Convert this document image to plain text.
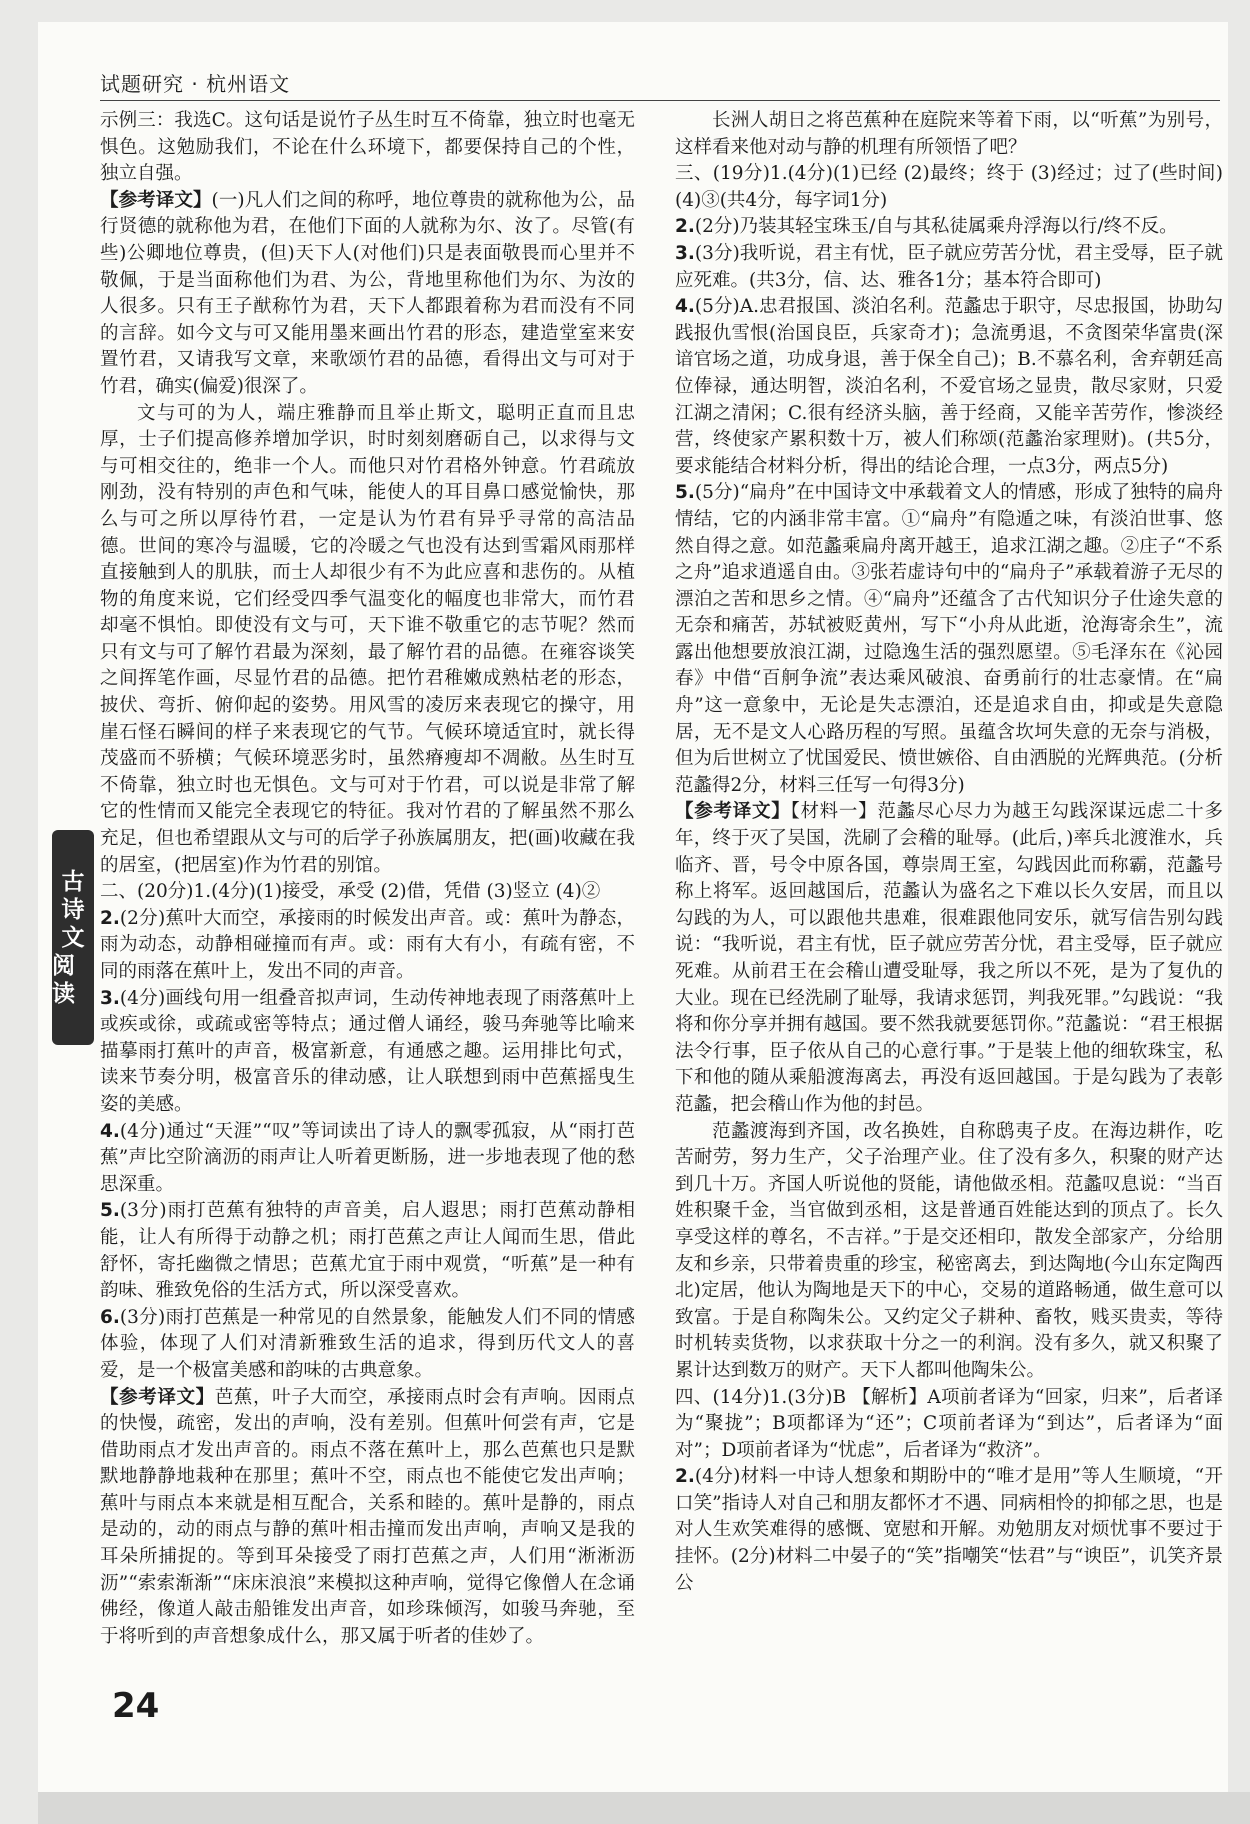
试题研究 · 杭州语文
古
诗
文
阅读

示例三：我选C。这句话是说竹子丛生时互不倚靠，独立时也毫无惧色。这勉励我们，不论在什么环境下，都要保持自己的个性，独立自强。

【参考译文】(一)凡人们之间的称呼，地位尊贵的就称他为公，品行贤德的就称他为君，在他们下面的人就称为尔、汝了。尽管(有些)公卿地位尊贵，(但)天下人(对他们)只是表面敬畏而心里并不敬佩，于是当面称他们为君、为公，背地里称他们为尔、为汝的人很多。只有王子猷称竹为君，天下人都跟着称为君而没有不同的言辞。如今文与可又能用墨来画出竹君的形态，建造堂室来安置竹君，又请我写文章，来歌颂竹君的品德，看得出文与可对于竹君，确实(偏爱)很深了。

文与可的为人，端庄雅静而且举止斯文，聪明正直而且忠厚，士子们提高修养增加学识，时时刻刻磨砺自己，以求得与文与可相交往的，绝非一个人。而他只对竹君格外钟意。竹君疏放刚劲，没有特别的声色和气味，能使人的耳目鼻口感觉愉快，那么与可之所以厚待竹君，一定是认为竹君有异乎寻常的高洁品德。世间的寒冷与温暖，它的冷暖之气也没有达到雪霜风雨那样直接触到人的肌肤，而士人却很少有不为此应喜和悲伤的。从植物的角度来说，它们经受四季气温变化的幅度也非常大，而竹君却毫不惧怕。即使没有文与可，天下谁不敬重它的志节呢？然而只有文与可了解竹君最为深刻，最了解竹君的品德。在雍容谈笑之间挥笔作画，尽显竹君的品德。把竹君稚嫩成熟枯老的形态，披伏、弯折、俯仰起的姿势。用风雪的凌厉来表现它的操守，用崖石怪石瞬间的样子来表现它的气节。气候环境适宜时，就长得茂盛而不骄横；气候环境恶劣时，虽然瘠瘦却不凋敝。丛生时互不倚靠，独立时也无惧色。文与可对于竹君，可以说是非常了解它的性情而又能完全表现它的特征。我对竹君的了解虽然不那么充足，但也希望跟从文与可的后学子孙族属朋友，把(画)收藏在我的居室，(把居室)作为竹君的别馆。

二、(20分)1.(4分)(1)接受，承受 (2)借，凭借 (3)竖立 (4)②

2.(2分)蕉叶大而空，承接雨的时候发出声音。或：蕉叶为静态，雨为动态，动静相碰撞而有声。或：雨有大有小，有疏有密，不同的雨落在蕉叶上，发出不同的声音。

3.(4分)画线句用一组叠音拟声词，生动传神地表现了雨落蕉叶上或疾或徐，或疏或密等特点；通过僧人诵经，骏马奔驰等比喻来描摹雨打蕉叶的声音，极富新意，有通感之趣。运用排比句式，读来节奏分明，极富音乐的律动感，让人联想到雨中芭蕉摇曳生姿的美感。

4.(4分)通过“天涯”“叹”等词读出了诗人的飘零孤寂，从“雨打芭蕉”声比空阶滴沥的雨声让人听着更断肠，进一步地表现了他的愁思深重。

5.(3分)雨打芭蕉有独特的声音美，启人遐思；雨打芭蕉动静相能，让人有所得于动静之机；雨打芭蕉之声让人闻而生思，借此舒怀，寄托幽微之情思；芭蕉尤宜于雨中观赏，“听蕉”是一种有韵味、雅致免俗的生活方式，所以深受喜欢。

6.(3分)雨打芭蕉是一种常见的自然景象，能触发人们不同的情感体验，体现了人们对清新雅致生活的追求，得到历代文人的喜爱，是一个极富美感和韵味的古典意象。

【参考译文】芭蕉，叶子大而空，承接雨点时会有声响。因雨点的快慢，疏密，发出的声响，没有差别。但蕉叶何尝有声，它是借助雨点才发出声音的。雨点不落在蕉叶上，那么芭蕉也只是默默地静静地栽种在那里；蕉叶不空，雨点也不能使它发出声响；蕉叶与雨点本来就是相互配合，关系和睦的。蕉叶是静的，雨点是动的，动的雨点与静的蕉叶相击撞而发出声响，声响又是我的耳朵所捕捉的。等到耳朵接受了雨打芭蕉之声，人们用“淅淅沥沥”“索索渐渐”“床床浪浪”来模拟这种声响，觉得它像僧人在念诵佛经，像道人敲击船锥发出声音，如珍珠倾泻，如骏马奔驰，至于将听到的声音想象成什么，那又属于听者的佳妙了。

长洲人胡日之将芭蕉种在庭院来等着下雨，以“听蕉”为别号，这样看来他对动与静的机理有所领悟了吧？

三、(19分)1.(4分)(1)已经 (2)最终；终于 (3)经过；过了(些时间) (4)③(共4分，每字词1分)

2.(2分)乃装其轻宝珠玉/自与其私徒属乘舟浮海以行/终不反。

3.(3分)我听说，君主有忧，臣子就应劳苦分忧，君主受辱，臣子就应死难。(共3分，信、达、雅各1分；基本符合即可)

4.(5分)A.忠君报国、淡泊名利。范蠡忠于职守，尽忠报国，协助勾践报仇雪恨(治国良臣，兵家奇才)；急流勇退，不贪图荣华富贵(深谙官场之道，功成身退，善于保全自己)；B.不慕名利，舍弃朝廷高位俸禄，通达明智，淡泊名利，不爱官场之显贵，散尽家财，只爱江湖之清闲；C.很有经济头脑，善于经商，又能辛苦劳作，惨淡经营，终使家产累积数十万，被人们称颂(范蠡治家理财)。(共5分，要求能结合材料分析，得出的结论合理，一点3分，两点5分)

5.(5分)“扁舟”在中国诗文中承载着文人的情感，形成了独特的扁舟情结，它的内涵非常丰富。①“扁舟”有隐遁之味，有淡泊世事、悠然自得之意。如范蠡乘扁舟离开越王，追求江湖之趣。②庄子“不系之舟”追求逍遥自由。③张若虚诗句中的“扁舟子”承载着游子无尽的漂泊之苦和思乡之情。④“扁舟”还蕴含了古代知识分子仕途失意的无奈和痛苦，苏轼被贬黄州，写下“小舟从此逝，沧海寄余生”，流露出他想要放浪江湖，过隐逸生活的强烈愿望。⑤毛泽东在《沁园春》中借“百舸争流”表达乘风破浪、奋勇前行的壮志豪情。在“扁舟”这一意象中，无论是失志漂泊，还是追求自由，抑或是失意隐居，无不是文人心路历程的写照。虽蕴含坎坷失意的无奈与消极，但为后世树立了忧国爱民、愤世嫉俗、自由洒脱的光辉典范。(分析范蠡得2分，材料三任写一句得3分)

【参考译文】【材料一】范蠡尽心尽力为越王勾践深谋远虑二十多年，终于灭了吴国，洗刷了会稽的耻辱。(此后，)率兵北渡淮水，兵临齐、晋，号令中原各国，尊崇周王室，勾践因此而称霸，范蠡号称上将军。返回越国后，范蠡认为盛名之下难以长久安居，而且以勾践的为人，可以跟他共患难，很难跟他同安乐，就写信告别勾践说：“我听说，君主有忧，臣子就应劳苦分忧，君主受辱，臣子就应死难。从前君王在会稽山遭受耻辱，我之所以不死，是为了复仇的大业。现在已经洗刷了耻辱，我请求惩罚，判我死罪。”勾践说：“我将和你分享并拥有越国。要不然我就要惩罚你。”范蠡说：“君王根据法令行事，臣子依从自己的心意行事。”于是装上他的细软珠宝，私下和他的随从乘船渡海离去，再没有返回越国。于是勾践为了表彰范蠡，把会稽山作为他的封邑。

范蠡渡海到齐国，改名换姓，自称鸱夷子皮。在海边耕作，吃苦耐劳，努力生产，父子治理产业。住了没有多久，积聚的财产达到几十万。齐国人听说他的贤能，请他做丞相。范蠡叹息说：“当百姓积聚千金，当官做到丞相，这是普通百姓能达到的顶点了。长久享受这样的尊名，不吉祥。”于是交还相印，散发全部家产，分给朋友和乡亲，只带着贵重的珍宝，秘密离去，到达陶地(今山东定陶西北)定居，他认为陶地是天下的中心，交易的道路畅通，做生意可以致富。于是自称陶朱公。又约定父子耕种、畜牧，贱买贵卖，等待时机转卖货物，以求获取十分之一的利润。没有多久，就又积聚了累计达到数万的财产。天下人都叫他陶朱公。

四、(14分)1.(3分)B 【解析】A项前者译为“回家，归来”，后者译为“聚拢”；B项都译为“还”；C项前者译为“到达”，后者译为“面对”；D项前者译为“忧虑”，后者译为“救济”。

2.(4分)材料一中诗人想象和期盼中的“唯才是用”等人生顺境，“开口笑”指诗人对自己和朋友都怀才不遇、同病相怜的抑郁之思，也是对人生欢笑难得的感慨、宽慰和开解。劝勉朋友对烦忧事不要过于挂怀。(2分)材料二中晏子的“笑”指嘲笑“怯君”与“谀臣”，讥笑齐景公

24
